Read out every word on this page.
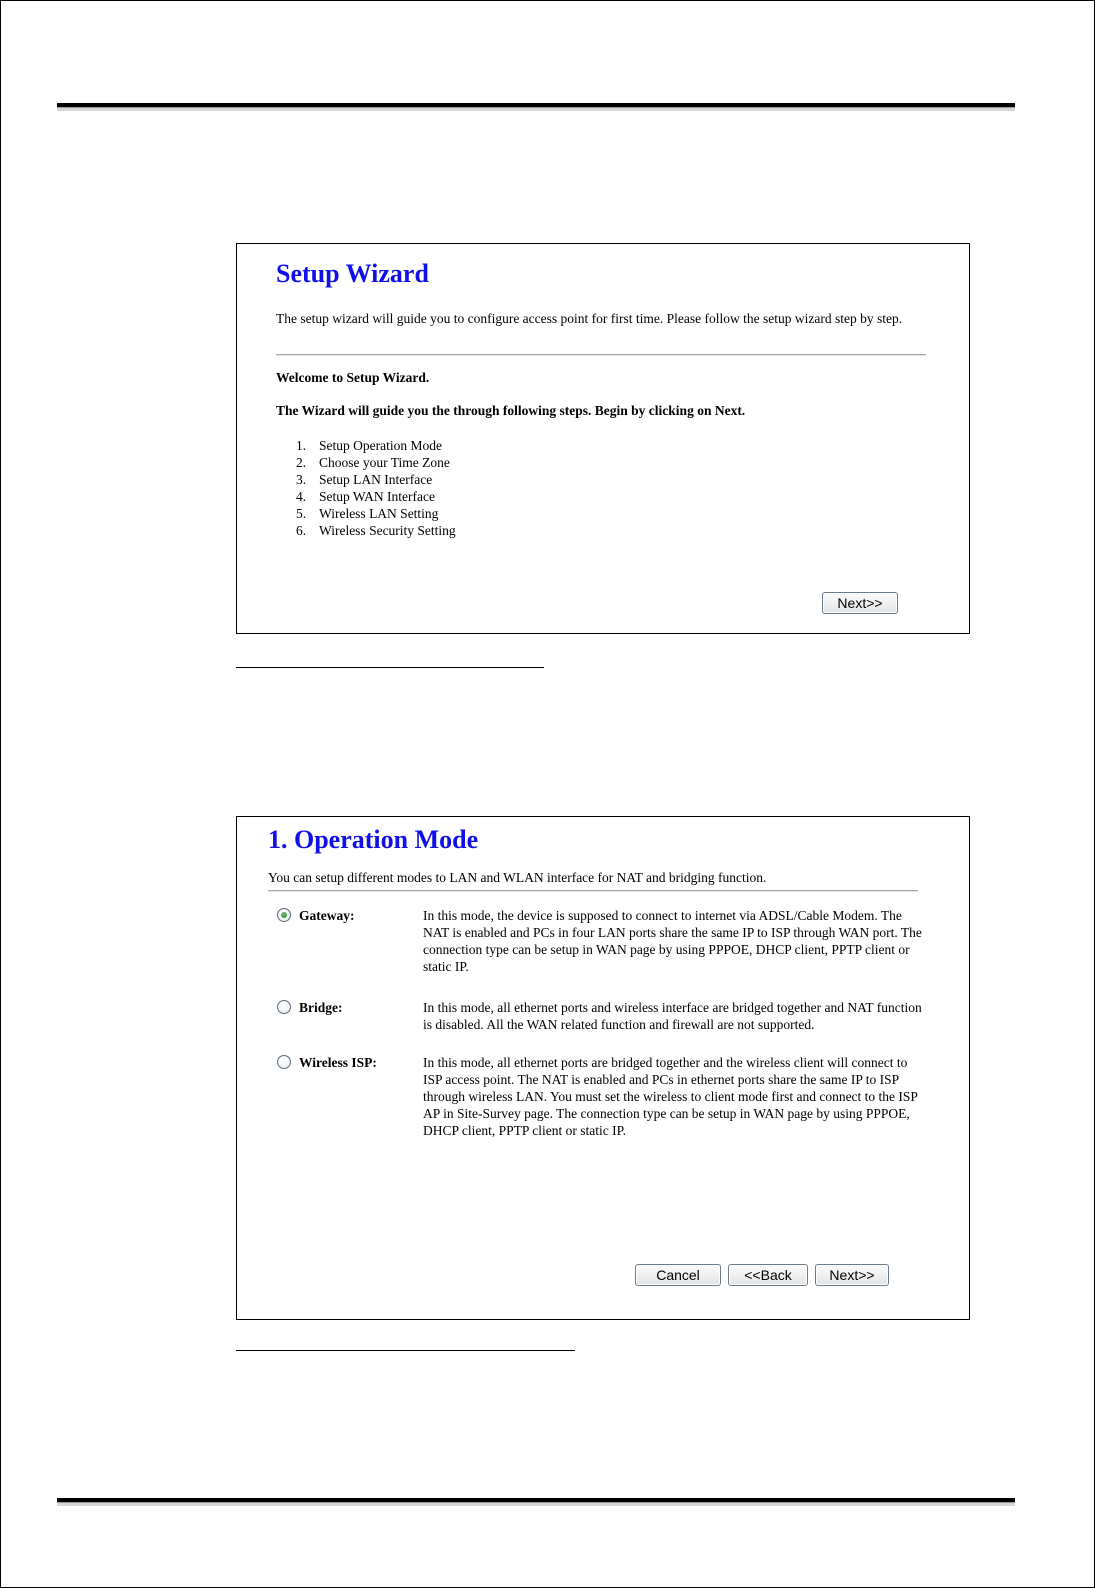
Setup Wizard
The setup wizard will guide you to configure access point for first time. Please follow the setup wizard step by step.
Welcome to Setup Wizard.
The Wizard will guide you the through following steps. Begin by clicking on Next.
1. Setup Operation Mode
2. Choose your Time Zone
3. Setup LAN Interface
4. Setup WAN Interface
5. Wireless LAN Setting
6. Wireless Security Setting
Next>>
1. Operation Mode
You can setup different modes to LAN and WLAN interface for NAT and bridging function.
Gateway:	In this mode, the device is supposed to connect to internet via ADSL/Cable Modem. The NAT is enabled and PCs in four LAN ports share the same IP to ISP through WAN port. The connection type can be setup in WAN page by using PPPOE, DHCP client, PPTP client or static IP.
Bridge:	In this mode, all ethernet ports and wireless interface are bridged together and NAT function is disabled. All the WAN related function and firewall are not supported.
Wireless ISP:	In this mode, all ethernet ports are bridged together and the wireless client will connect to ISP access point. The NAT is enabled and PCs in ethernet ports share the same IP to ISP through wireless LAN. You must set the wireless to client mode first and connect to the ISP AP in Site-Survey page. The connection type can be setup in WAN page by using PPPOE, DHCP client, PPTP client or static IP.
Cancel	<<Back	Next>>
